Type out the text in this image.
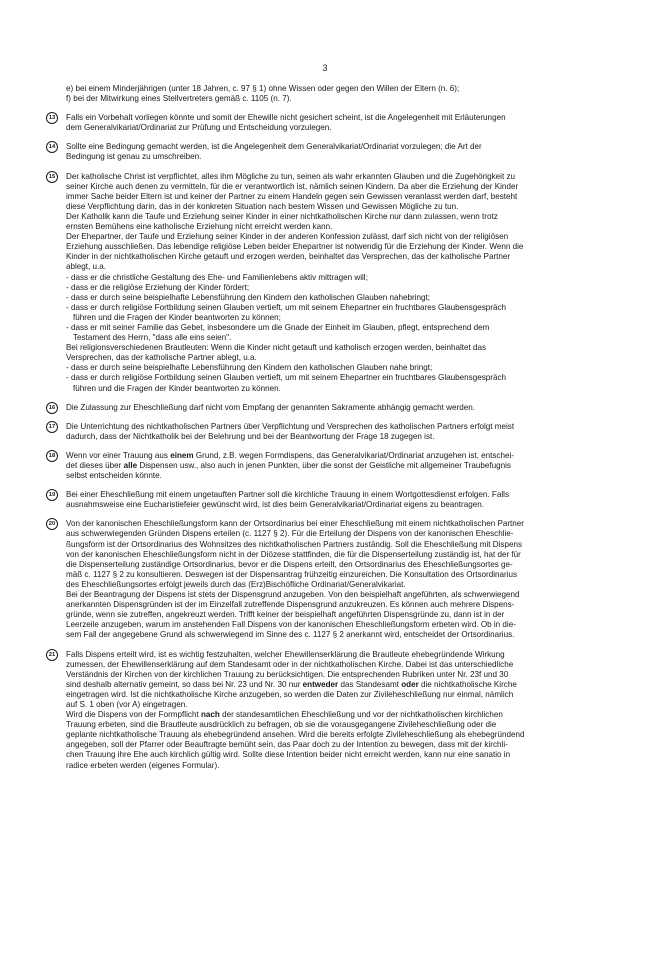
3
e) bei einem Minderjährigen (unter 18 Jahren, c. 97 § 1) ohne Wissen oder gegen den Willen der Eltern (n. 6);
f) bei der Mitwirkung eines Stellvertreters gemäß c. 1105 (n. 7).
13	Falls ein Vorbehalt vorliegen könnte und somit der Ehewille nicht gesichert scheint, ist die Angelegenheit mit Erläuterungen
dem Generalvikariat/Ordinariat zur Prüfung und Entscheidung vorzulegen.
14	Sollte eine Bedingung gemacht werden, ist die Angelegenheit dem Generalvikariat/Ordinariat vorzulegen; die Art der
Bedingung ist genau zu umschreiben.
15	Der katholische Christ ist verpflichtet, alles ihm Mögliche zu tun, seinen als wahr erkannten Glauben und die Zugehörigkeit zu
seiner Kirche auch denen zu vermitteln, für die er verantwortlich ist, nämlich seinen Kindern. Da aber die Erziehung der Kinder
immer Sache beider Eltern ist und keiner der Partner zu einem Handeln gegen sein Gewissen veranlasst werden darf, besteht
diese Verpflichtung darin, das in der konkreten Situation nach bestem Wissen und Gewissen Mögliche zu tun.
Der Katholik kann die Taufe und Erziehung seiner Kinder in einer nichtkatholischen Kirche nur dann zulassen, wenn trotz
ernsten Bemühens eine katholische Erziehung nicht erreicht werden kann.
Der Ehepartner, der Taufe und Erziehung seiner Kinder in der anderen Konfession zulässt, darf sich nicht von der religiösen
Erziehung ausschließen. Das lebendige religiöse Leben beider Ehepartner ist notwendig für die Erziehung der Kinder. Wenn die
Kinder in der nichtkatholischen Kirche getauft und erzogen werden, beinhaltet das Versprechen, das der katholische Partner
ablegt, u.a.
- dass er die christliche Gestaltung des Ehe- und Familienlebens aktiv mittragen will;
- dass er die religiöse Erziehung der Kinder fördert;
- dass er durch seine beispielhafte Lebensführung den Kindern den katholischen Glauben nahebringt;
- dass er durch religiöse Fortbildung seinen Glauben vertieft, um mit seinem Ehepartner ein fruchtbares Glaubensgespräch
führen und die Fragen der Kinder beantworten zu können;
- dass er mit seiner Familie das Gebet, insbesondere um die Gnade der Einheit im Glauben, pflegt, entsprechend dem
Testament des Herrn, "dass alle eins seien".
Bei religionsverschiedenen Brautleuten: Wenn die Kinder nicht getauft und katholisch erzogen werden, beinhaltet das
Versprechen, das der katholische Partner ablegt, u.a.
- dass er durch seine beispielhafte Lebensführung den Kindern den katholischen Glauben nahe bringt;
- dass er durch religiöse Fortbildung seinen Glauben vertieft, um mit seinem Ehepartner ein fruchtbares Glaubensgespräch
führen und die Fragen der Kinder beantworten zu können.
16	Die Zulassung zur Eheschließung darf nicht vom Empfang der genannten Sakramente abhängig gemacht werden.
17	Die Unterrichtung des nichtkatholischen Partners über Verpflichtung und Versprechen des katholischen Partners erfolgt meist
dadurch, dass der Nichtkatholik bei der Belehrung und bei der Beantwortung der Frage 18 zugegen ist.
18	Wenn vor einer Trauung aus einem Grund, z.B. wegen Formdispens, das Generalvikariat/Ordinariat anzugehen ist, entschei-
det dieses über alle Dispensen usw., also auch in jenen Punkten, über die sonst der Geistliche mit allgemeiner Traubefugnis
selbst entscheiden könnte.
19	Bei einer Eheschließung mit einem ungetauften Partner soll die kirchliche Trauung in einem Wortgottesdienst erfolgen. Falls
ausnahmsweise eine Eucharistiefeier gewünscht wird, ist dies beim Generalvikariat/Ordinariat eigens zu beantragen.
20	Von der kanonischen Eheschließungsform kann der Ortsordinarius bei einer Eheschließung mit einem nichtkatholischen Partner
aus schwerwiegenden Gründen Dispens erteilen (c. 1127 § 2). Für die Erteilung der Dispens von der kanonischen Eheschlie-
ßungsform ist der Ortsordinarius des Wohnsitzes des nichtkatholischen Partners zuständig. Soll die Eheschließung mit Dispens
von der kanonischen Eheschließungsform nicht in der Diözese stattfinden, die für die Dispenserteilung zuständig ist, hat der für
die Dispenserteilung zuständige Ortsordinarius, bevor er die Dispens erteilt, den Ortsordinarius des Eheschließungsortes ge-
mäß c. 1127 § 2 zu konsultieren. Deswegen ist der Dispensantrag frühzeitig einzureichen. Die Konsultation des Ortsordinarius
des Eheschließungsortes erfolgt jeweils durch das (Erz)Bischöfliche Ordinariat/Generalvikariat.
Bei der Beantragung der Dispens ist stets der Dispensgrund anzugeben. Von den beispielhaft angeführten, als schwerwiegend
anerkannten Dispensgründen ist der im Einzelfall zutreffende Dispensgrund anzukreuzen. Es können auch mehrere Dispens-
gründe, wenn sie zutreffen, angekreuzt werden. Trifft keiner der beispielhaft angeführten Dispensgründe zu, dann ist in der
Leerzeile anzugeben, warum im anstehenden Fall Dispens von der kanonischen Eheschließungsform erbeten wird. Ob in die-
sem Fall der angegebene Grund als schwerwiegend im Sinne des c. 1127 § 2 anerkannt wird, entscheidet der Ortsordinarius.
21	Falls Dispens erteilt wird, ist es wichtig festzuhalten, welcher Ehewillenserklärung die Brautleute ehebegründende Wirkung
zumessen, der Ehewillenserklärung auf dem Standesamt oder in der nichtkatholischen Kirche. Dabei ist das unterschiedliche
Verständnis der Kirchen von der kirchlichen Trauung zu berücksichtigen. Die entsprechenden Rubriken unter Nr. 23f und 30
sind deshalb alternativ gemeint, so dass bei Nr. 23 und Nr. 30 nur entweder das Standesamt oder die nichtkatholische Kirche
eingetragen wird. Ist die nichtkatholische Kirche anzugeben, so werden die Daten zur Zivileheschließung nur einmal, nämlich
auf S. 1 oben (vor A) eingetragen.
Wird die Dispens von der Formpflicht nach der standesamtlichen Eheschließung und vor der nichtkatholischen kirchlichen
Trauung erbeten, sind die Brautleute ausdrücklich zu befragen, ob sie die vorausgegangene Zivileheschließung oder die
geplante nichtkatholische Trauung als ehebegründend ansehen. Wird die bereits erfolgte Zivileheschließung als ehebegründend
angegeben, soll der Pfarrer oder Beauftragte bemüht sein, das Paar doch zu der Intention zu bewegen, dass mit der kirchli-
chen Trauung ihre Ehe auch kirchlich gültig wird. Sollte diese Intention beider nicht erreicht werden, kann nur eine sanatio in
radice erbeten werden (eigenes Formular).
